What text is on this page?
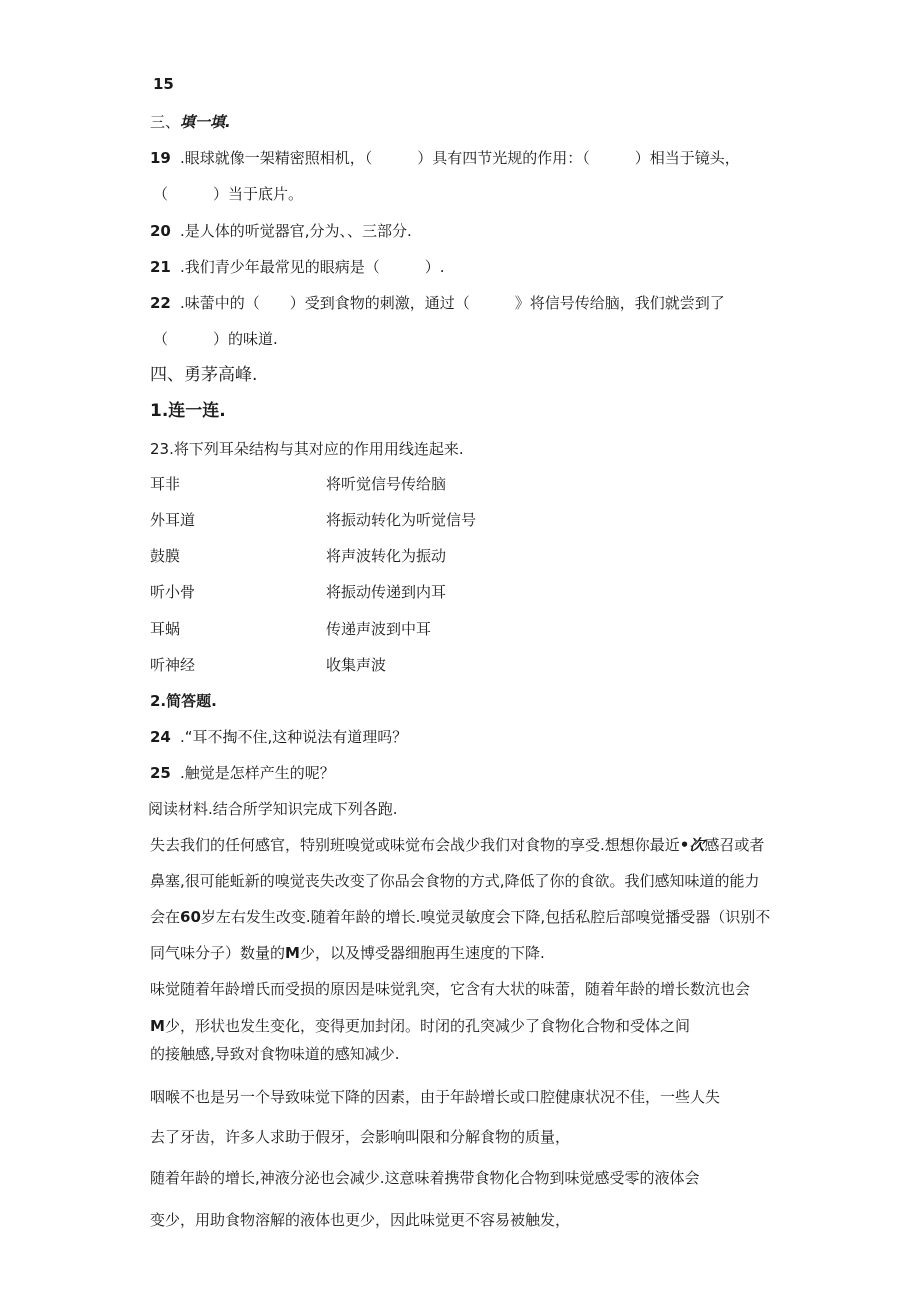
15
三、填一填.
19 .眼球就像一架精密照相机，（　　　）具有四节光规的作用：（　　　）相当于镜头，
（　　　）当于底片。
20 .是人体的听觉器官,分为、、三部分.
21 .我们青少年最常见的眼病是（　　　）.
22 .味蕾中的（　　）受到食物的刺激，通过（　　　》将信号传给脑，我们就尝到了
（　　　）的味道.
四、勇茅高峰.
1.连一连.
23.将下列耳朵结构与其对应的作用用线连起来.
耳非	将听觉信号传给脑
外耳道	将振动转化为听觉信号
鼓膜	将声波转化为振动
听小骨	将振动传递到内耳
耳蜗	传递声波到中耳
听神经	收集声波
2.简答题.
24 .“耳不掏不住,这种说法有道理吗？
25 .触觉是怎样产生的呢？
阅读材料.结合所学知识完成下列各跑.
失去我们的任何感官，特别班嗅觉或味觉布会战少我们对食物的享受.想想你最近•次感召或者
鼻塞,很可能蚯新的嗅觉丧失改变了你品会食物的方式,降低了你的食欲。我们感知味道的能力
会在60岁左右发生改变.随着年龄的增长.嗅觉灵敏度会下降,包括私腔后部嗅觉播受器（识别不
同气味分子）数量的M少，以及博受器细胞再生速度的下降.
味觉随着年龄增氏而受损的原因是味觉乳突，它含有大状的味蕾，随着年龄的增长数沆也会
M少，形状也发生变化，变得更加封闭。时闭的孔突减少了食物化合物和受体之间
的接触感,导致对食物味道的感知减少.
咽喉不也是另一个导致味觉下降的因素，由于年龄增长或口腔健康状况不佳，一些人失
去了牙齿，许多人求助于假牙，会影响叫限和分解食物的质量，
随着年龄的增长,神液分泌也会减少.这意味着携带食物化合物到味觉感受零的液体会
变少，用助食物溶解的液体也更少，因此味觉更不容易被触发，
